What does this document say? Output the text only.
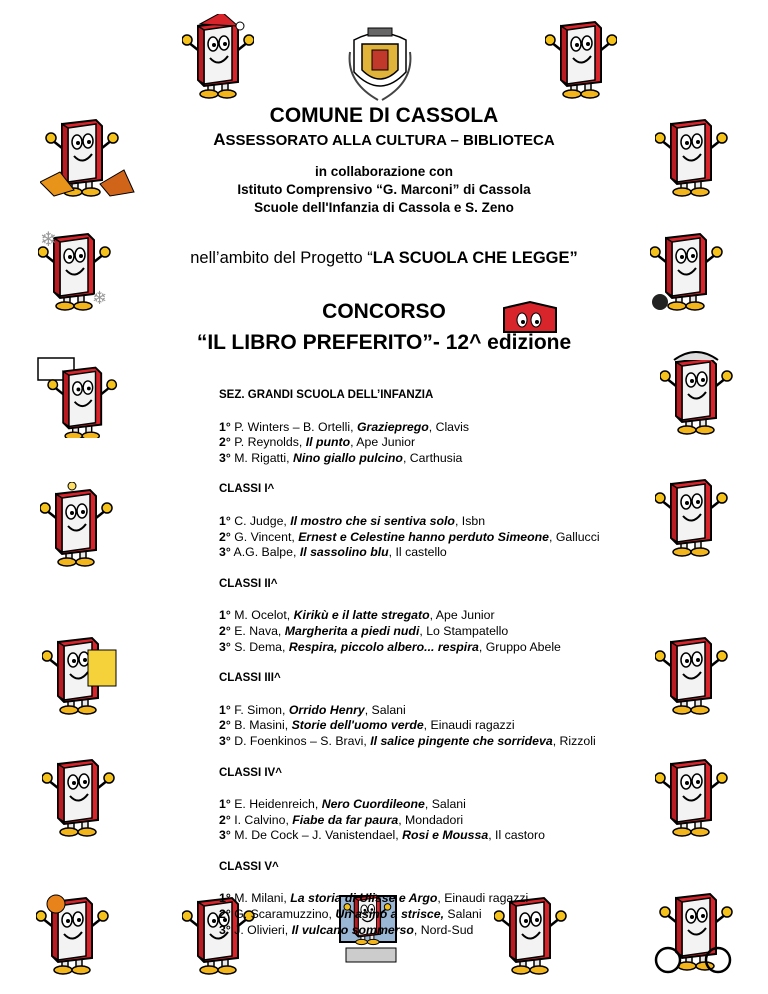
❄
❄
COMUNE DI CASSOLA
ASSESSORATO ALLA CULTURA – BIBLIOTECA
in collaborazione con
Istituto Comprensivo “G. Marconi” di Cassola
Scuole dell'Infanzia di Cassola e S. Zeno
nell’ambito del Progetto “LA SCUOLA CHE LEGGE”
CONCORSO
“IL LIBRO PREFERITO”- 12^ edizione
SEZ. GRANDI SCUOLA DELL’INFANZIA
1° P. Winters – B. Ortelli, Grazieprego, Clavis
2° P. Reynolds, Il punto, Ape Junior
3° M. Rigatti, Nino giallo pulcino, Carthusia
CLASSI I^
1° C. Judge, Il mostro che si sentiva solo, Isbn
2° G. Vincent, Ernest e Celestine hanno perduto Simeone, Gallucci
3° A.G. Balpe, Il sassolino blu, Il castello
CLASSI II^
1° M. Ocelot, Kirikù e il latte stregato, Ape Junior
2° E. Nava, Margherita a piedi nudi, Lo Stampatello
3° S. Dema, Respira, piccolo albero... respira, Gruppo Abele
CLASSI III^
1° F. Simon, Orrido Henry, Salani
2° B. Masini, Storie dell'uomo verde, Einaudi ragazzi
3° D. Foenkinos – S. Bravi, Il salice pingente che sorrideva, Rizzoli
CLASSI IV^
1° E. Heidenreich, Nero Cuordileone, Salani
2° I. Calvino, Fiabe da far paura, Mondadori
3° M. De Cock – J. Vanistendael, Rosi e Moussa, Il castoro
CLASSI V^
1° M. Milani, La storia di Ulisse e Argo, Einaudi ragazzi
2° G. Scaramuzzino, Un asino a strisce, Salani
3° J. Olivieri, Il vulcano sommerso, Nord-Sud
